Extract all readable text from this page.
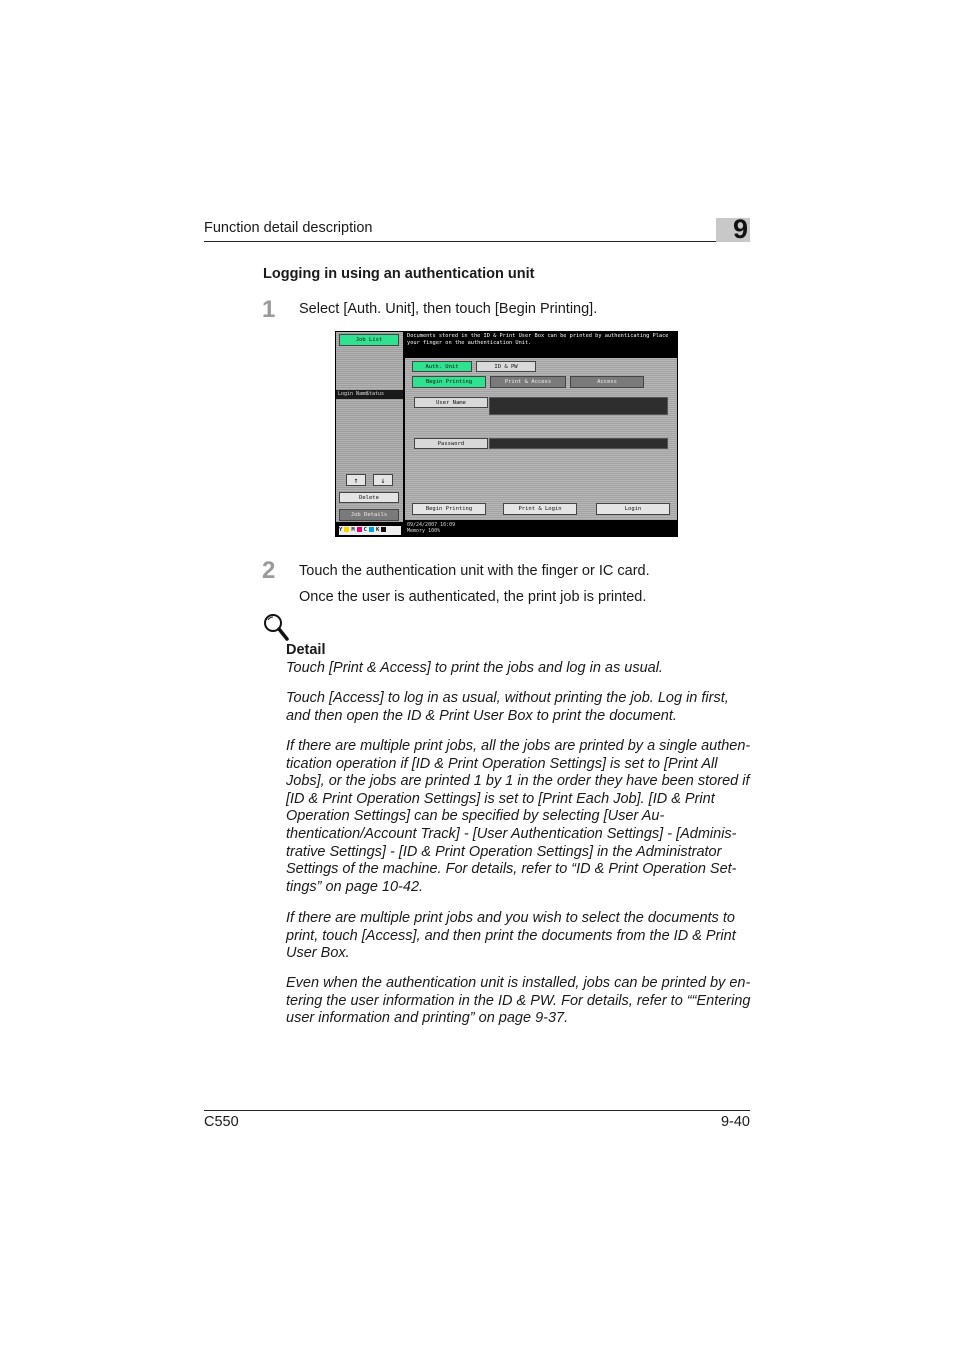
Function detail description	9
Logging in using an authentication unit
1 Select [Auth. Unit], then touch [Begin Printing].
Job List
Login Name
Status
↑	↓
Delete
Job Details
Y M C K
Documents stored in the ID & Print User Box can be printed by authenticating Place your finger on the authentication Unit.
Auth. Unit	ID & PW
Begin Printing	Print & Access	Access
User Name
Password
Begin Printing	Print & Login	Login
09/24/2007 16:09
Memory 100%
2 Touch the authentication unit with the finger or IC card.
Once the user is authenticated, the print job is printed.
Detail
Touch [Print & Access] to print the jobs and log in as usual.
Touch [Access] to log in as usual, without printing the job. Log in first, and then open the ID & Print User Box to print the document.
If there are multiple print jobs, all the jobs are printed by a single authen-tication operation if [ID & Print Operation Settings] is set to [Print All Jobs], or the jobs are printed 1 by 1 in the order they have been stored if [ID & Print Operation Settings] is set to [Print Each Job]. [ID & Print Operation Settings] can be specified by selecting [User Au-thentication/Account Track] - [User Authentication Settings] - [Adminis-trative Settings] - [ID & Print Operation Settings] in the Administrator Settings of the machine. For details, refer to “ID & Print Operation Set-tings” on page 10-42.
If there are multiple print jobs and you wish to select the documents to print, touch [Access], and then print the documents from the ID & Print User Box.
Even when the authentication unit is installed, jobs can be printed by en-tering the user information in the ID & PW. For details, refer to ““Entering user information and printing” on page 9-37.
C550	9-40
